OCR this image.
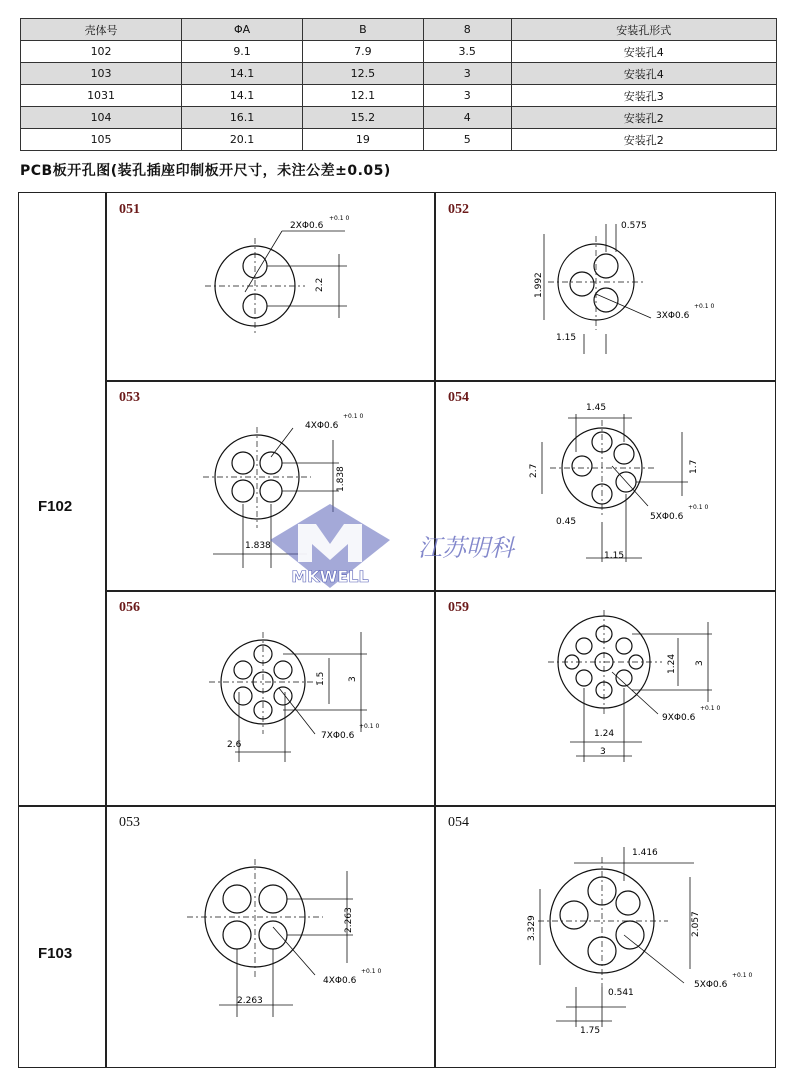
壳体号	ΦA	B	8	安装孔形式
102	9.1	7.9	3.5	安装孔4
103	14.1	12.5	3	安装孔4
1031	14.1	12.1	3	安装孔3
104	16.1	15.2	4	安装孔2
105	20.1	19	5	安装孔2
PCB板开孔图(装孔插座印制板开尺寸，未注公差±0.05)
F102
F103
051
2.2
2XΦ0.6
+0.1 0
052
0.575
1.992
1.15
3XΦ0.6
+0.1 0
053
1.838
1.838
4XΦ0.6
+0.1 0
054
1.45
2.7	1.7
0.45
1.15
5XΦ0.6
+0.1 0
056
1.5 3
2.6
7XΦ0.6
+0.1 0
059
1.24 3
1.24
3
9XΦ0.6
+0.1 0
053
2.263
2.263
4XΦ0.6
+0.1 0
054
1.416
3.329	2.057
0.541
1.75
5XΦ0.6
+0.1 0
MKWELL
江苏明科
